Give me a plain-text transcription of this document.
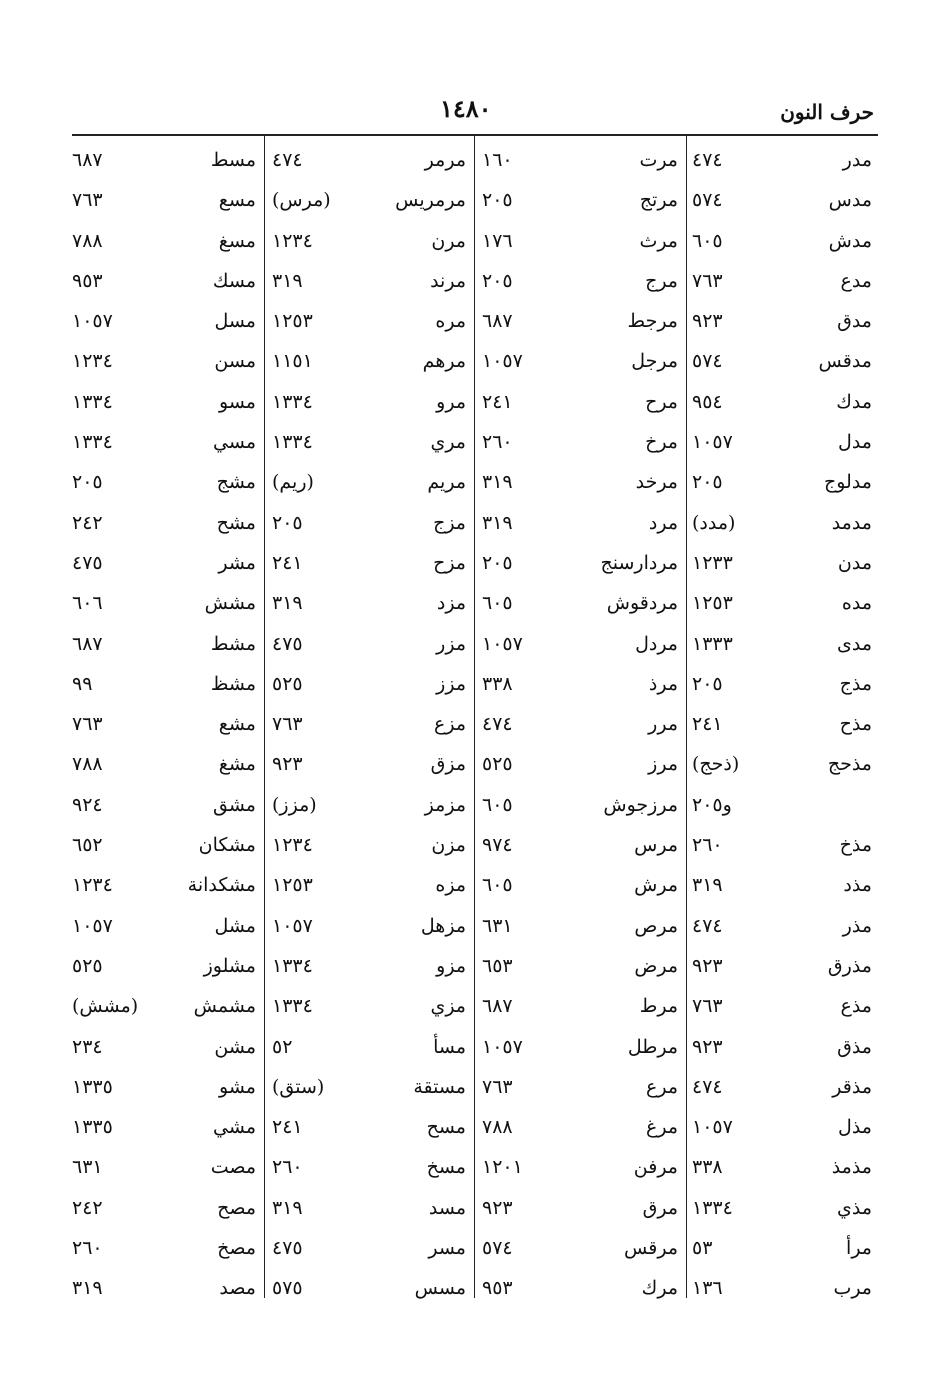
١٤٨٠	حرف النون
مدر
٤٧٤
مدس
٥٧٤
مدش
٦٠٥
مدع
٧٦٣
مدق
٩٢٣
مدقس
٥٧٤
مدك
٩٥٤
مدل
١٠٥٧
مدلوج
٢٠٥
مدمد
(مدد)
مدن
١٢٣٣
مده
١٢٥٣
مدى
١٣٣٣
مذج
٢٠٥
مذح
٢٤١
مذحج
(ذحج)
و٢٠٥
مذخ
٢٦٠
مذد
٣١٩
مذر
٤٧٤
مذرق
٩٢٣
مذع
٧٦٣
مذق
٩٢٣
مذقر
٤٧٤
مذل
١٠٥٧
مذمذ
٣٣٨
مذي
١٣٣٤
مرأ
٥٣
مرب
١٣٦
مرت
١٦٠
مرتج
٢٠٥
مرث
١٧٦
مرج
٢٠٥
مرجط
٦٨٧
مرجل
١٠٥٧
مرح
٢٤١
مرخ
٢٦٠
مرخد
٣١٩
مرد
٣١٩
مردارسنج
٢٠٥
مردقوش
٦٠٥
مردل
١٠٥٧
مرذ
٣٣٨
مرر
٤٧٤
مرز
٥٢٥
مرزجوش
٦٠٥
مرس
٩٧٤
مرش
٦٠٥
مرص
٦٣١
مرض
٦٥٣
مرط
٦٨٧
مرطل
١٠٥٧
مرع
٧٦٣
مرغ
٧٨٨
مرفن
١٢٠١
مرق
٩٢٣
مرقس
٥٧٤
مرك
٩٥٣
مرمر
٤٧٤
مرمريس
(مرس)
مرن
١٢٣٤
مرند
٣١٩
مره
١٢٥٣
مرهم
١١٥١
مرو
١٣٣٤
مري
١٣٣٤
مريم
(ريم)
مزج
٢٠٥
مزح
٢٤١
مزد
٣١٩
مزر
٤٧٥
مزز
٥٢٥
مزع
٧٦٣
مزق
٩٢٣
مزمز
(مزز)
مزن
١٢٣٤
مزه
١٢٥٣
مزهل
١٠٥٧
مزو
١٣٣٤
مزي
١٣٣٤
مسأ
٥٢
مستقة
(ستق)
مسح
٢٤١
مسخ
٢٦٠
مسد
٣١٩
مسر
٤٧٥
مسس
٥٧٥
مسط
٦٨٧
مسع
٧٦٣
مسغ
٧٨٨
مسك
٩٥٣
مسل
١٠٥٧
مسن
١٢٣٤
مسو
١٣٣٤
مسي
١٣٣٤
مشج
٢٠٥
مشح
٢٤٢
مشر
٤٧٥
مشش
٦٠٦
مشط
٦٨٧
مشظ
٩٩
مشع
٧٦٣
مشغ
٧٨٨
مشق
٩٢٤
مشكان
٦٥٢
مشكدانة
١٢٣٤
مشل
١٠٥٧
مشلوز
٥٢٥
مشمش
(مشش)
مشن
٢٣٤
مشو
١٣٣٥
مشي
١٣٣٥
مصت
٦٣١
مصح
٢٤٢
مصخ
٢٦٠
مصد
٣١٩
